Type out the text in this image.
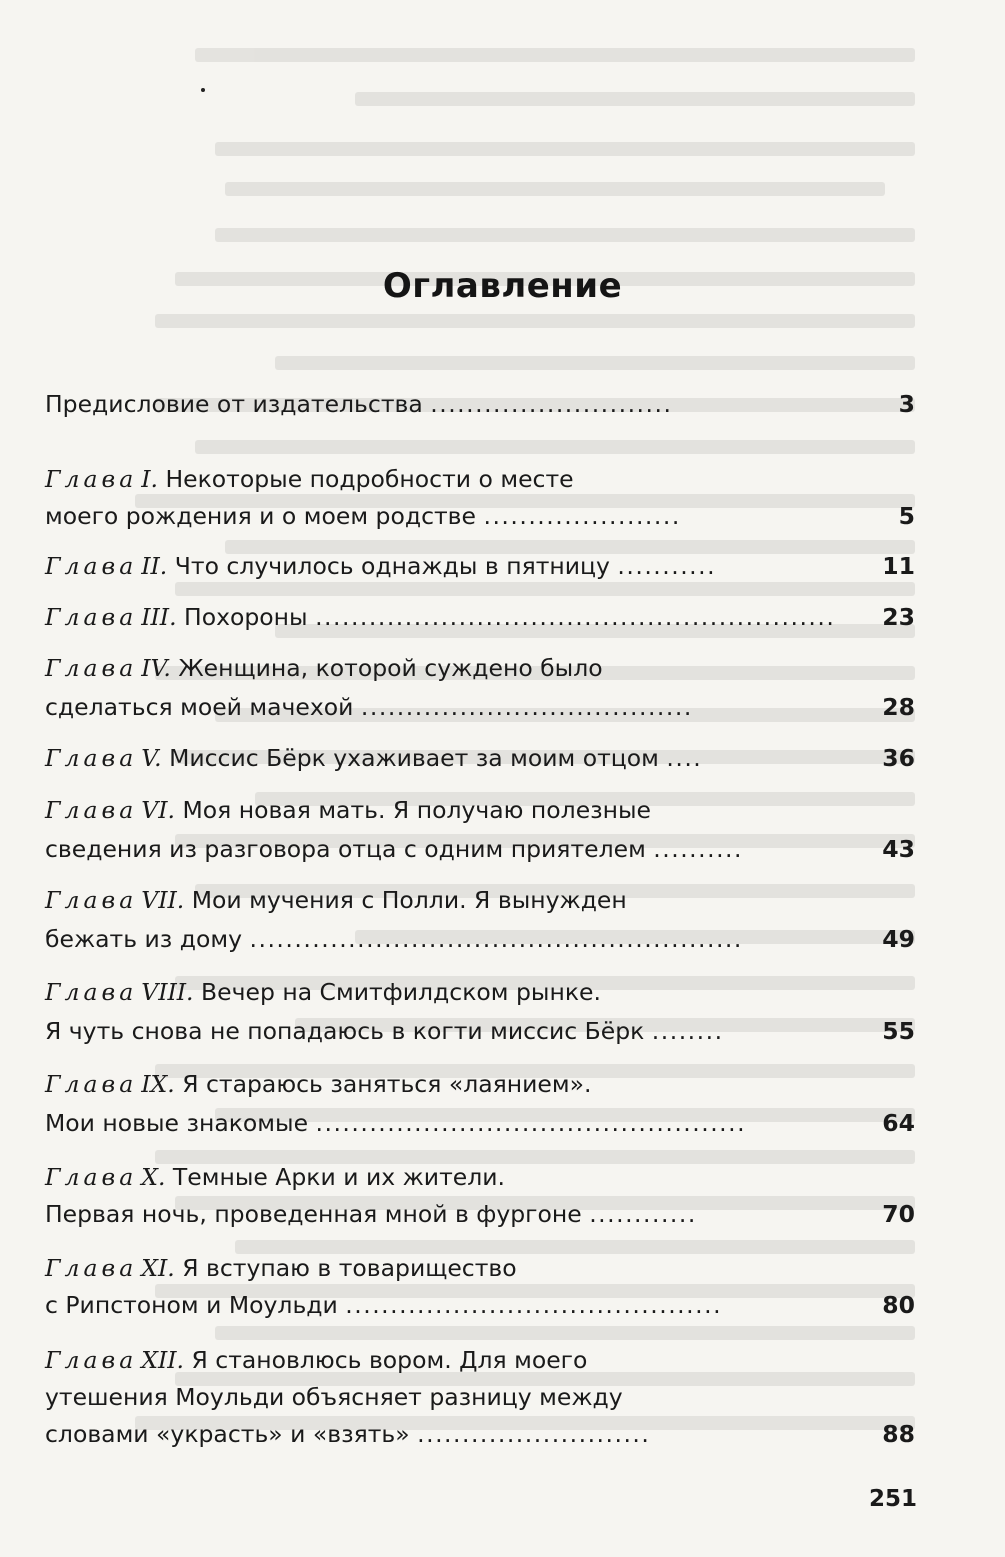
Оглавление
Предисловие от издательства ...........................	3
Глава I. Некоторые подробности о месте
моего рождения и о моем родстве ......................	5
Глава II. Что случилось однажды в пятницу ...........	11
Глава III. Похороны .......................................................... 23
Глава IV. Женщина, которой суждено было
сделаться моей мачехой .....................................	28
Глава V. Миссис Бёрк ухаживает за моим отцом ....	36
Глава VI. Моя новая мать. Я получаю полезные
сведения из разговора отца с одним приятелем ..........	43
Глава VII. Мои мучения с Полли. Я вынужден
бежать из дому .......................................................	49
Глава VIII. Вечер на Смитфилдском рынке.
Я чуть снова не попадаюсь в когти миссис Бёрк ........	55
Глава IX. Я стараюсь заняться «лаянием».
Мои новые знакомые ................................................	64
Глава X. Темные Арки и их жители.
Первая ночь, проведенная мной в фургоне ............	70
Глава XI. Я вступаю в товарищество
с Рипстоном и Моульди ..........................................	80
Глава XII. Я становлюсь вором. Для моего
утешения Моульди объясняет разницу между
словами «украсть» и «взять» ..........................	88
251
